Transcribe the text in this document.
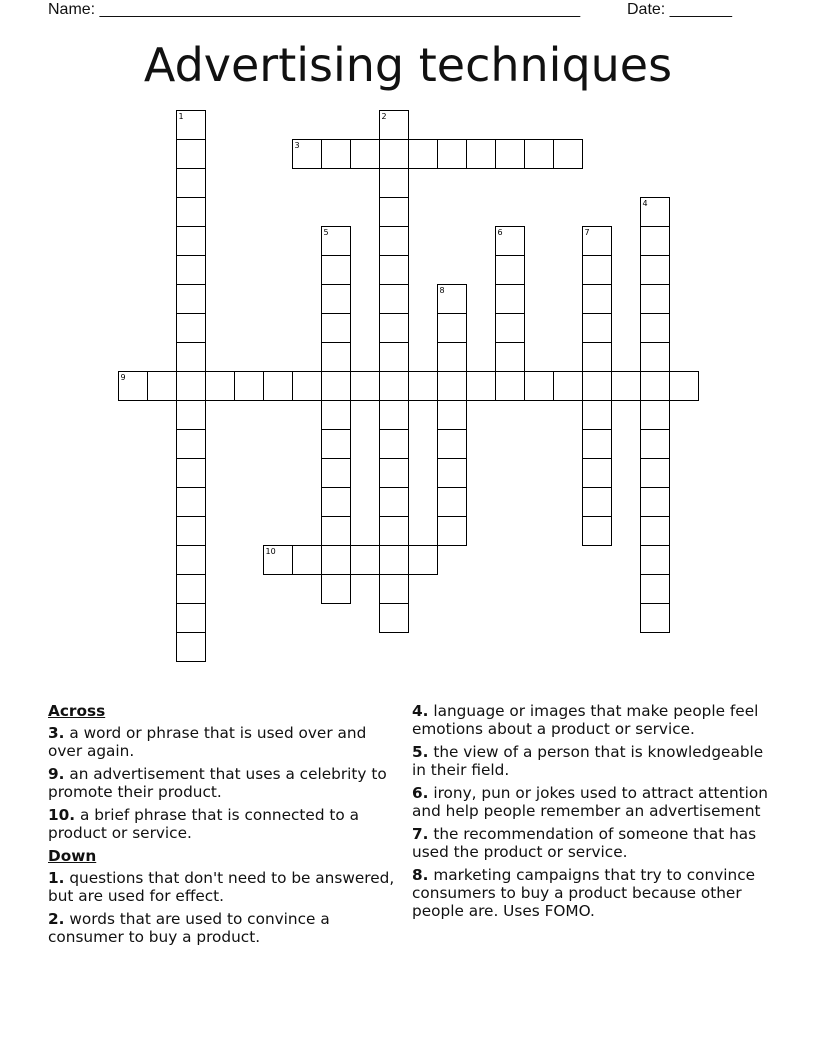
Name: ______________________________________________________	Date: _______
Advertising techniques
1	2
3
4
5	6	7
8
9
10
Across
3. a word or phrase that is used over and over again.
9. an advertisement that uses a celebrity to promote their product.
10. a brief phrase that is connected to a product or service.
Down
1. questions that don't need to be answered, but are used for effect.
2. words that are used to convince a consumer to buy a product.
4. language or images that make people feel emotions about a product or service.
5. the view of a person that is knowledgeable in their field.
6. irony, pun or jokes used to attract attention and help people remember an advertisement
7. the recommendation of someone that has used the product or service.
8. marketing campaigns that try to convince consumers to buy a product because other people are. Uses FOMO.
